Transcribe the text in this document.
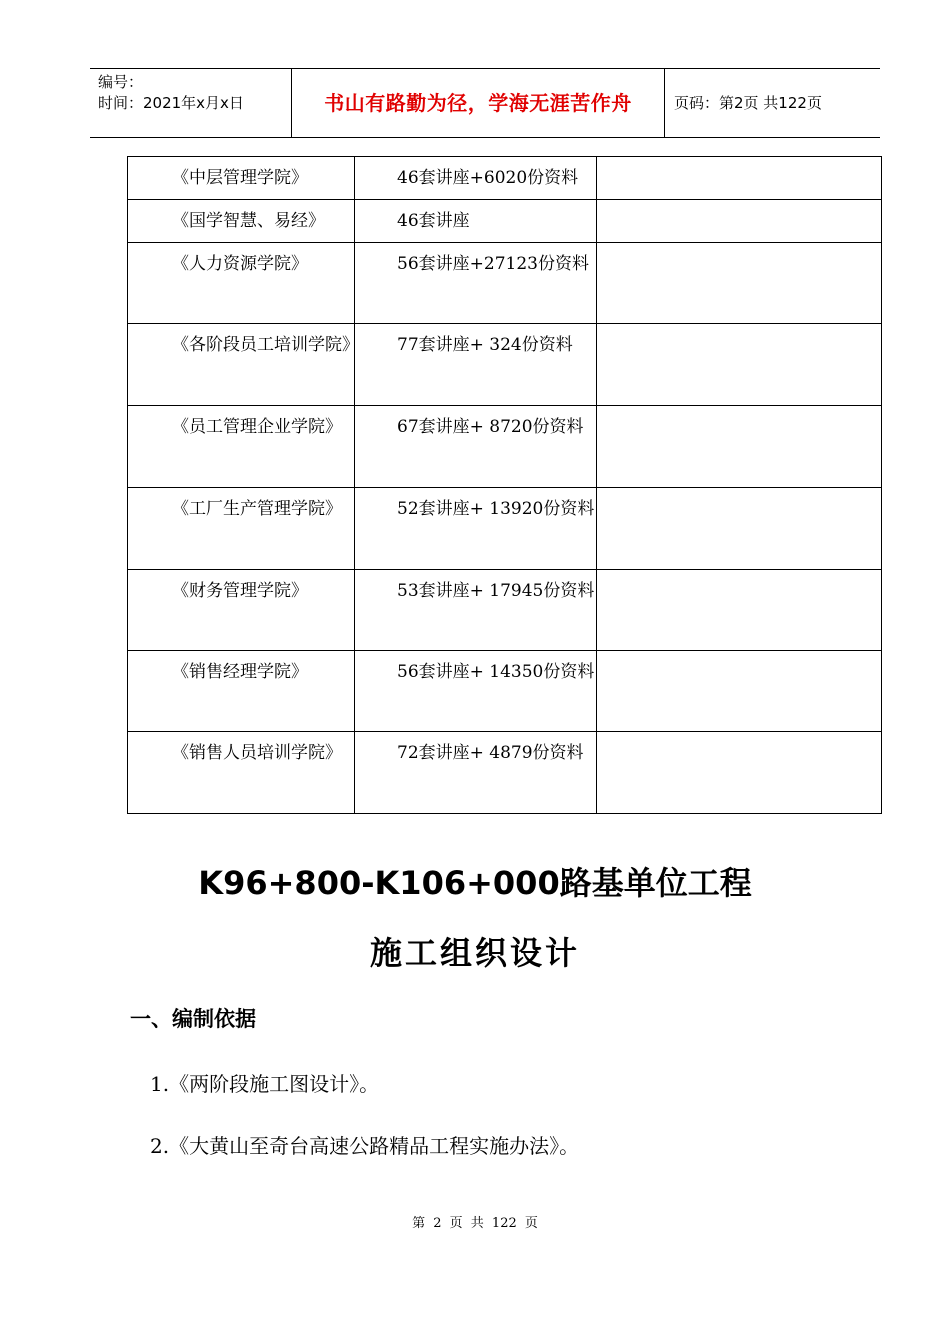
编号：
时间：2021年x月x日	书山有路勤为径，学海无涯苦作舟	页码：第2页 共122页
《中层管理学院》	46套讲座+6020份资料	

《国学智慧、易经》	46套讲座	

《人力资源学院》	56套讲座+27123份资料	

《各阶段员工培训学院》	77套讲座+ 324份资料	

《员工管理企业学院》	67套讲座+ 8720份资料	

《工厂生产管理学院》	52套讲座+ 13920份资料	

《财务管理学院》	53套讲座+ 17945份资料	

《销售经理学院》	56套讲座+ 14350份资料	

《销售人员培训学院》	72套讲座+ 4879份资料	

K96+800-K106+000路基单位工程
施工组织设计
一、编制依据
1.《两阶段施工图设计》。
2.《大黄山至奇台高速公路精品工程实施办法》。
第 2 页 共 122 页
